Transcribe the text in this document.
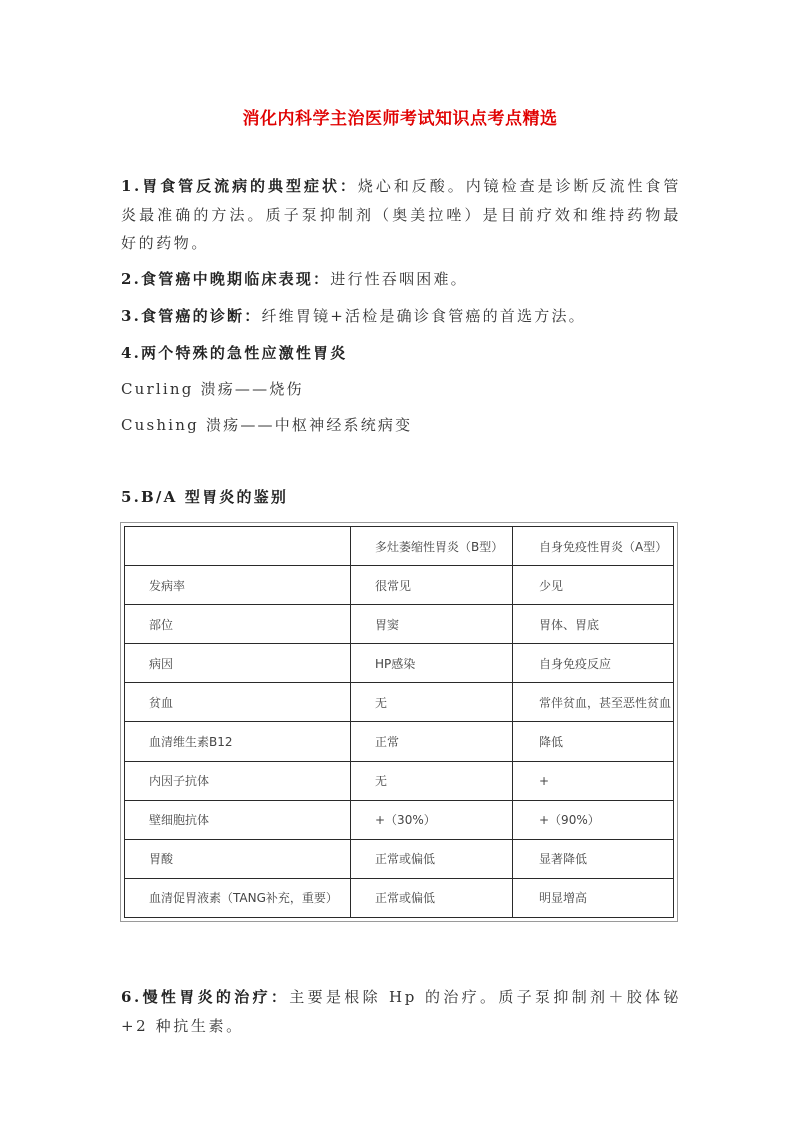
消化内科学主治医师考试知识点考点精选
1.胃食管反流病的典型症状：烧心和反酸。内镜检查是诊断反流性食管炎最准确的方法。质子泵抑制剂（奥美拉唑）是目前疗效和维持药物最好的药物。
2.食管癌中晚期临床表现：进行性吞咽困难。
3.食管癌的诊断：纤维胃镜+活检是确诊食管癌的首选方法。
4.两个特殊的急性应激性胃炎
Curling 溃疡——烧伤
Cushing 溃疡——中枢神经系统病变
5.B/A 型胃炎的鉴别
	多灶萎缩性胃炎（B型）	自身免疫性胃炎（A型）
发病率	很常见	少见
部位	胃窦	胃体、胃底
病因	HP感染	自身免疫反应
贫血	无	常伴贫血，甚至恶性贫血
血清维生素B12	正常	降低
内因子抗体	无	+
壁细胞抗体	+（30%）	+（90%）
胃酸	正常或偏低	显著降低
血清促胃液素（TANG补充，重要）	正常或偏低	明显增高
6.慢性胃炎的治疗：主要是根除 Hp 的治疗。质子泵抑制剂＋胶体铋+2 种抗生素。
